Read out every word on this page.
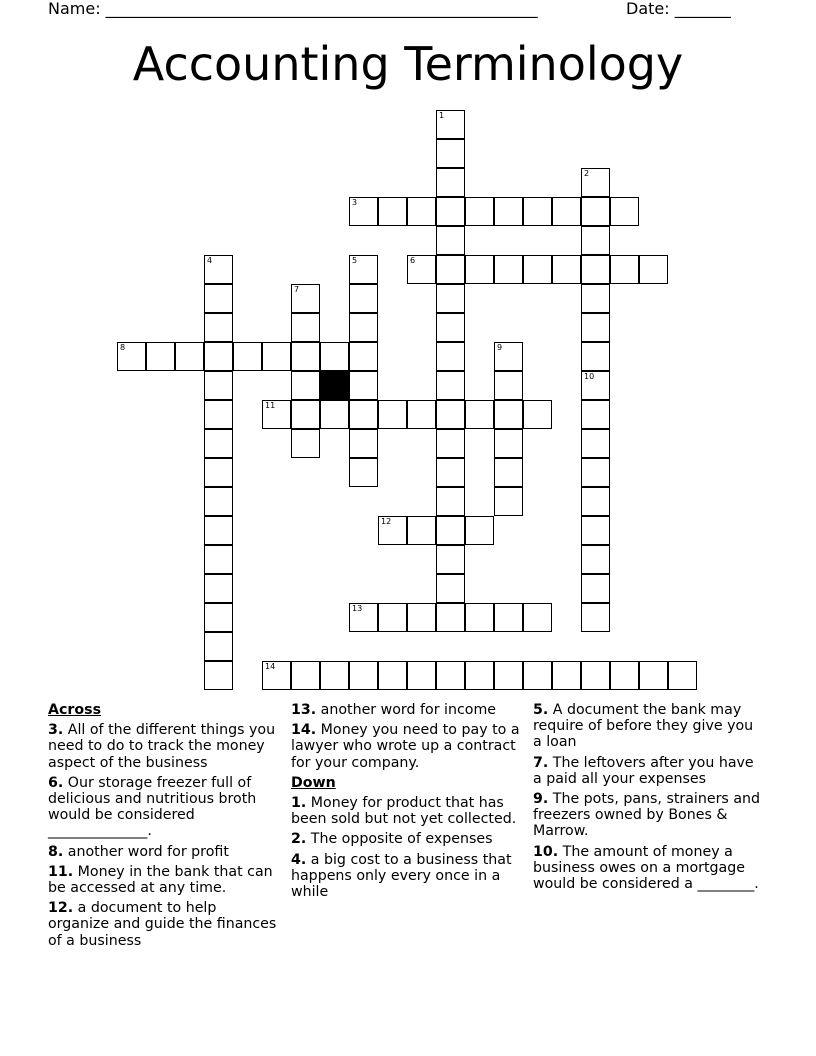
Name: ______________________________________________________	Date: _______
Accounting Terminology
1
2
3
4	5	6
7
8	9
10
11
12
13
14
Across
3. All of the different things you need to do to track the money aspect of the business
6. Our storage freezer full of delicious and nutritious broth would be considered ______________.
8. another word for profit
11. Money in the bank that can be accessed at any time.
12. a document to help organize and guide the finances of a business
13. another word for income
14. Money you need to pay to a lawyer who wrote up a contract for your company.
Down
1. Money for product that has been sold but not yet collected.
2. The opposite of expenses
4. a big cost to a business that happens only every once in a while
5. A document the bank may require of before they give you a loan
7. The leftovers after you have a paid all your expenses
9. The pots, pans, strainers and freezers owned by Bones & Marrow.
10. The amount of money a business owes on a mortgage would be considered a ________.
